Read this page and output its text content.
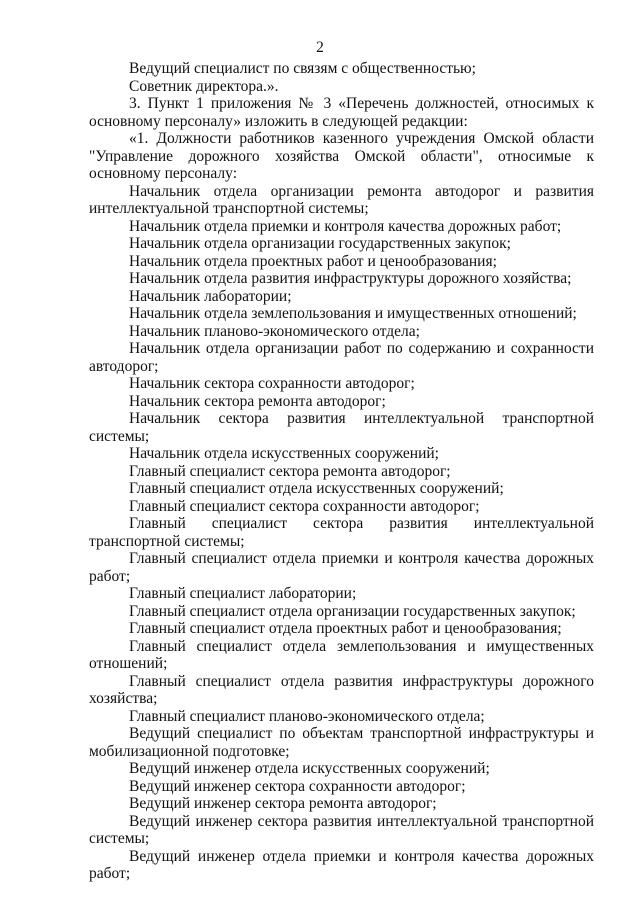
2

Ведущий специалист по связям с общественностью;

Советник директора.».

3. Пункт 1 приложения № 3 «Перечень должностей, относимых к основному персоналу» изложить в следующей редакции:

«1. Должности работников казенного учреждения Омской области "Управление дорожного хозяйства Омской области", относимые к основному персоналу:

Начальник отдела организации ремонта автодорог и развития интеллектуальной транспортной системы;

Начальник отдела приемки и контроля качества дорожных работ;

Начальник отдела организации государственных закупок;

Начальник отдела проектных работ и ценообразования;

Начальник отдела развития инфраструктуры дорожного хозяйства;

Начальник лаборатории;

Начальник отдела землепользования и имущественных отношений;

Начальник планово-экономического отдела;

Начальник отдела организации работ по содержанию и сохранности автодорог;

Начальник сектора сохранности автодорог;

Начальник сектора ремонта автодорог;

Начальник сектора развития интеллектуальной транспортной системы;

Начальник отдела искусственных сооружений;

Главный специалист сектора ремонта автодорог;

Главный специалист отдела искусственных сооружений;

Главный специалист сектора сохранности автодорог;

Главный специалист сектора развития интеллектуальной транспортной системы;

Главный специалист отдела приемки и контроля качества дорожных работ;

Главный специалист лаборатории;

Главный специалист отдела организации государственных закупок;

Главный специалист отдела проектных работ и ценообразования;

Главный специалист отдела землепользования и имущественных отношений;

Главный специалист отдела развития инфраструктуры дорожного хозяйства;

Главный специалист планово-экономического отдела;

Ведущий специалист по объектам транспортной инфраструктуры и мобилизационной подготовке;

Ведущий инженер отдела искусственных сооружений;

Ведущий инженер сектора сохранности автодорог;

Ведущий инженер сектора ремонта автодорог;

Ведущий инженер сектора развития интеллектуальной транспортной системы;

Ведущий инженер отдела приемки и контроля качества дорожных работ;
